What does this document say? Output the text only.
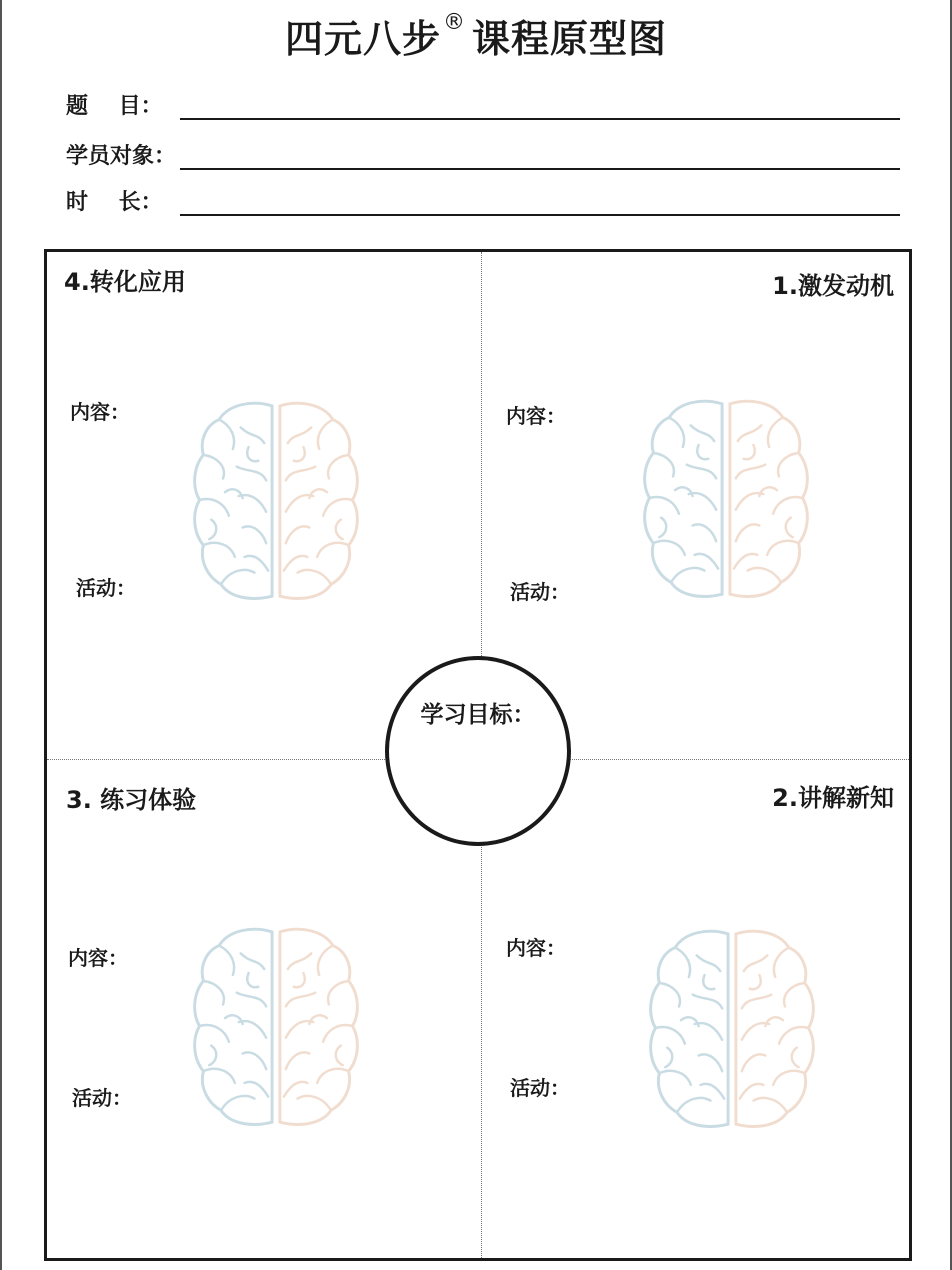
四元八步® 课程原型图
题    目：
学员对象：
时    长：
4.转化应用
内容：
活动：
1.激发动机
内容：
活动：
3. 练习体验
内容：
活动：
2.讲解新知
内容：
活动：
学习目标：
